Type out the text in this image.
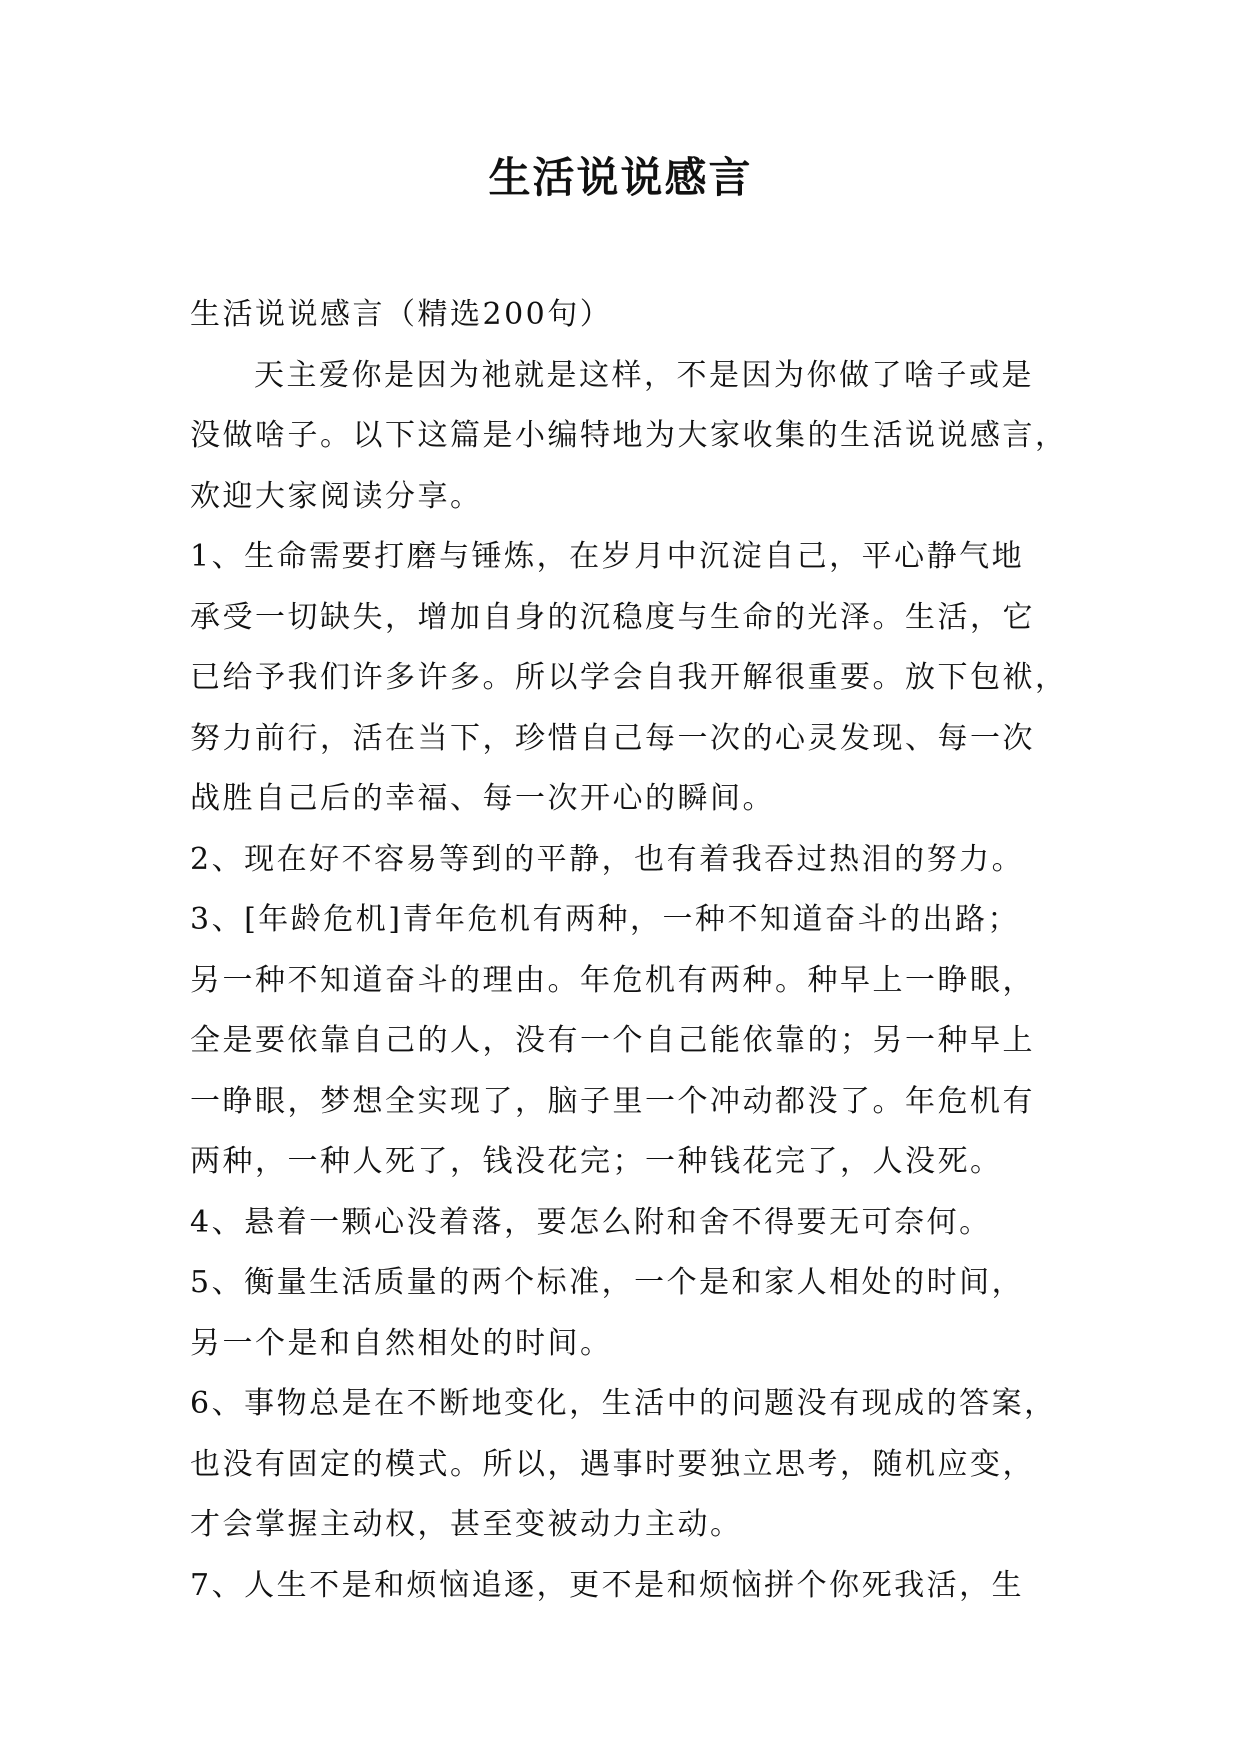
生活说说感言
生活说说感言（精选200句）
天主爱你是因为祂就是这样，不是因为你做了啥子或是
没做啥子。以下这篇是小编特地为大家收集的生活说说感言，
欢迎大家阅读分享。
1、生命需要打磨与锤炼，在岁月中沉淀自己，平心静气地
承受一切缺失，增加自身的沉稳度与生命的光泽。生活，它
已给予我们许多许多。所以学会自我开解很重要。放下包袱，
努力前行，活在当下，珍惜自己每一次的心灵发现、每一次
战胜自己后的幸福、每一次开心的瞬间。
2、现在好不容易等到的平静，也有着我吞过热泪的努力。
3、[年龄危机]青年危机有两种，一种不知道奋斗的出路；
另一种不知道奋斗的理由。年危机有两种。种早上一睁眼，
全是要依靠自己的人，没有一个自己能依靠的；另一种早上
一睁眼，梦想全实现了，脑子里一个冲动都没了。年危机有
两种，一种人死了，钱没花完；一种钱花完了，人没死。
4、悬着一颗心没着落，要怎么附和舍不得要无可奈何。
5、衡量生活质量的两个标准，一个是和家人相处的时间，
另一个是和自然相处的时间。
6、事物总是在不断地变化，生活中的问题没有现成的答案，
也没有固定的模式。所以，遇事时要独立思考，随机应变，
才会掌握主动权，甚至变被动力主动。
7、人生不是和烦恼追逐，更不是和烦恼拼个你死我活，生
